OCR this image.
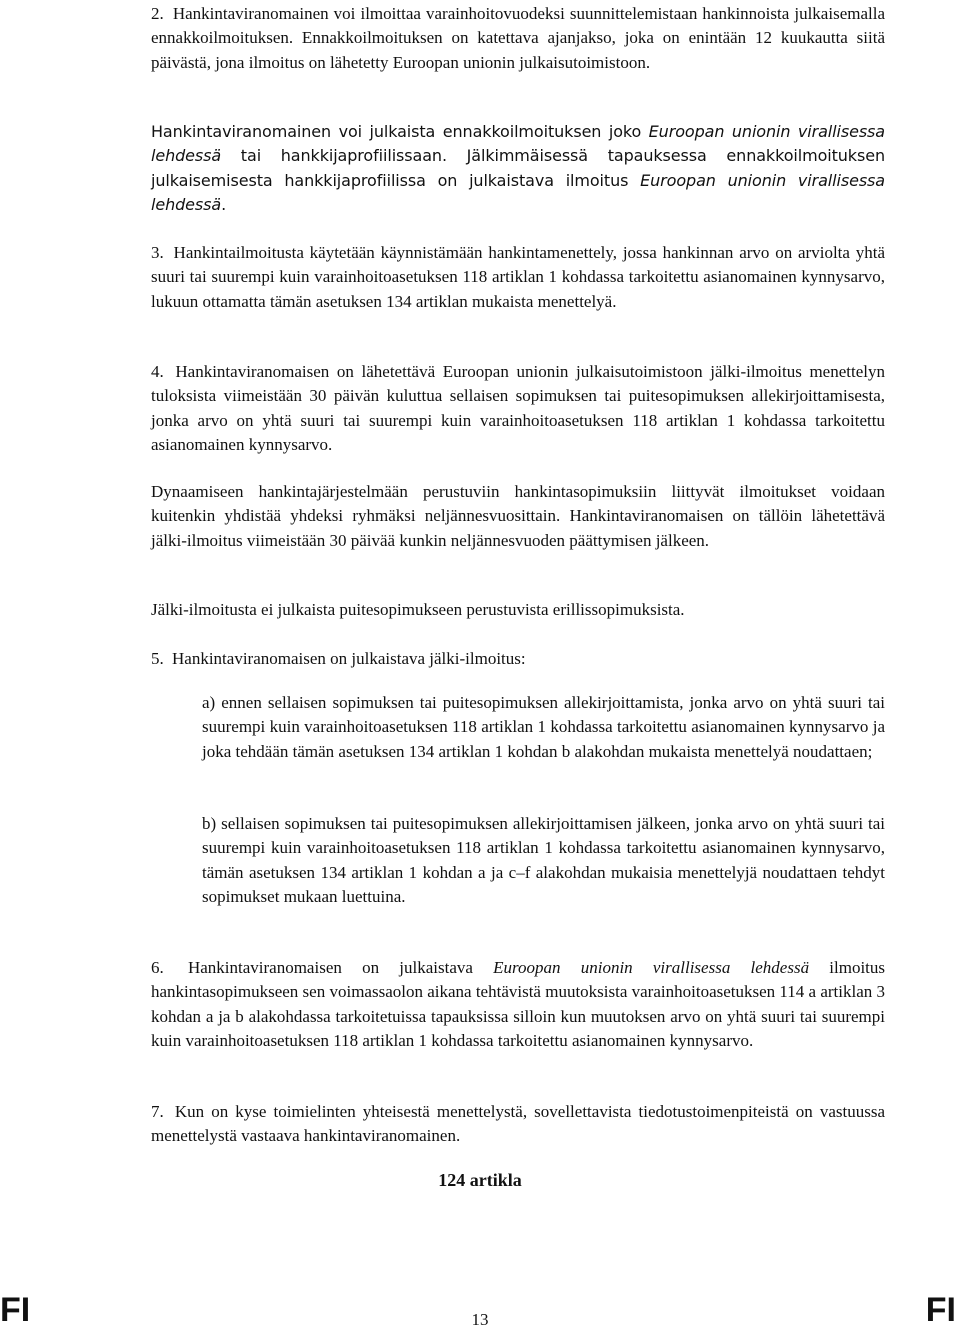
2. Hankintaviranomainen voi ilmoittaa varainhoitovuodeksi suunnittelemistaan hankinnoista julkaisemalla ennakkoilmoituksen. Ennakkoilmoituksen on katettava ajanjakso, joka on enintään 12 kuukautta siitä päivästä, jona ilmoitus on lähetetty Euroopan unionin julkaisutoimistoon.

Hankintaviranomainen voi julkaista ennakkoilmoituksen joko Euroopan unionin virallisessa lehdessä tai hankkijaprofiilissaan. Jälkimmäisessä tapauksessa ennakkoilmoituksen julkaisemisesta hankkijaprofiilissa on julkaistava ilmoitus Euroopan unionin virallisessa lehdessä.

3. Hankintailmoitusta käytetään käynnistämään hankintamenettely, jossa hankinnan arvo on arviolta yhtä suuri tai suurempi kuin varainhoitoasetuksen 118 artiklan 1 kohdassa tarkoitettu asianomainen kynnysarvo, lukuun ottamatta tämän asetuksen 134 artiklan mukaista menettelyä.

4. Hankintaviranomaisen on lähetettävä Euroopan unionin julkaisutoimistoon jälki-ilmoitus menettelyn tuloksista viimeistään 30 päivän kuluttua sellaisen sopimuksen tai puitesopimuksen allekirjoittamisesta, jonka arvo on yhtä suuri tai suurempi kuin varainhoitoasetuksen 118 artiklan 1 kohdassa tarkoitettu asianomainen kynnysarvo.

Dynaamiseen hankintajärjestelmään perustuviin hankintasopimuksiin liittyvät ilmoitukset voidaan kuitenkin yhdistää yhdeksi ryhmäksi neljännesvuosittain. Hankintaviranomaisen on tällöin lähetettävä jälki-ilmoitus viimeistään 30 päivää kunkin neljännesvuoden päättymisen jälkeen.

Jälki-ilmoitusta ei julkaista puitesopimukseen perustuvista erillissopimuksista.

5. Hankintaviranomaisen on julkaistava jälki-ilmoitus:

a) ennen sellaisen sopimuksen tai puitesopimuksen allekirjoittamista, jonka arvo on yhtä suuri tai suurempi kuin varainhoitoasetuksen 118 artiklan 1 kohdassa tarkoitettu asianomainen kynnysarvo ja joka tehdään tämän asetuksen 134 artiklan 1 kohdan b alakohdan mukaista menettelyä noudattaen;

b) sellaisen sopimuksen tai puitesopimuksen allekirjoittamisen jälkeen, jonka arvo on yhtä suuri tai suurempi kuin varainhoitoasetuksen 118 artiklan 1 kohdassa tarkoitettu asianomainen kynnysarvo, tämän asetuksen 134 artiklan 1 kohdan a ja c–f alakohdan mukaisia menettelyjä noudattaen tehdyt sopimukset mukaan luettuina.

6. Hankintaviranomaisen on julkaistava Euroopan unionin virallisessa lehdessä ilmoitus hankintasopimukseen sen voimassaolon aikana tehtävistä muutoksista varainhoitoasetuksen 114 a artiklan 3 kohdan a ja b alakohdassa tarkoitetuissa tapauksissa silloin kun muutoksen arvo on yhtä suuri tai suurempi kuin varainhoitoasetuksen 118 artiklan 1 kohdassa tarkoitettu asianomainen kynnysarvo.

7. Kun on kyse toimielinten yhteisestä menettelystä, sovellettavista tiedotustoimenpiteistä on vastuussa menettelystä vastaava hankintaviranomainen.

124 artikla
FI	13	FI
